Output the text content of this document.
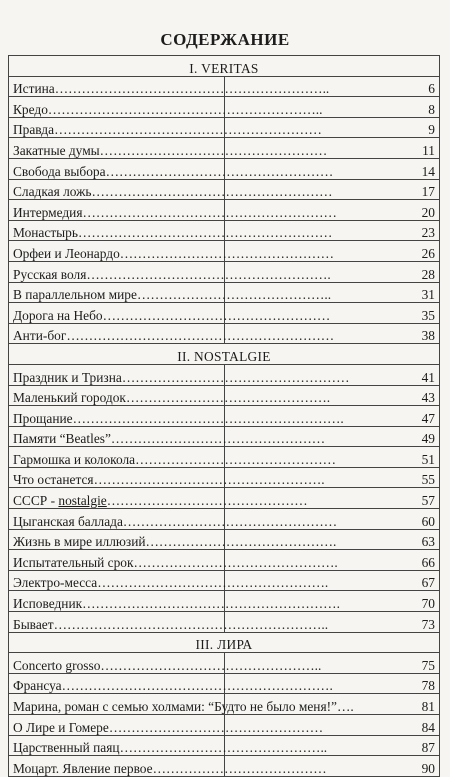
СОДЕРЖАНИЕ
I. VERITAS	
Истина……………………………………………………..	6
Кредо……………………………………………………..	8
Правда……………………………………………………	9
Закатные думы……………………………………………	11
Свобода выбора……………………………………………	14
Сладкая ложь………………………………………………	17
Интермедия…………………………………………………	20
Монастырь…………………………………………………	23
Орфеи и Леонардо…………………………………………	26
Русская воля……………………………………………….	28
В параллельном мире……………………………………..	31
Дорога на Небо……………………………………………	35
Анти-бог……………………………………………………	38
II. NOSTALGIE	
Праздник и Тризна……………………………………………	41
Маленький городок……………………………………….	43
Прощание…………………………………………………….	47
Памяти “Beatles”…………………………………………	49
Гармошка и колокола………………………………………	51
Что останется…………………………………………….	55
СССР - nostalgie………………………………………	57
Цыганская баллада…………………………………………	60
Жизнь в мире иллюзий…………………………………….	63
Испытательный срок……………………………………….	66
Электро-месса…………………………………………….	67
Исповедник………………………………………………….	70
Бывает……………………………………………………..	73
III. ЛИРА	
Concerto grosso…………………………………………..	75
Франсуа…………………………………………………….	78
Марина, роман с семью холмами: “Будто не было меня!”….	81
О Лире и Гомере…………………………………………	84
Царственный паяц………………………………………..	87
Моцарт. Явление первое…………………………………	90
